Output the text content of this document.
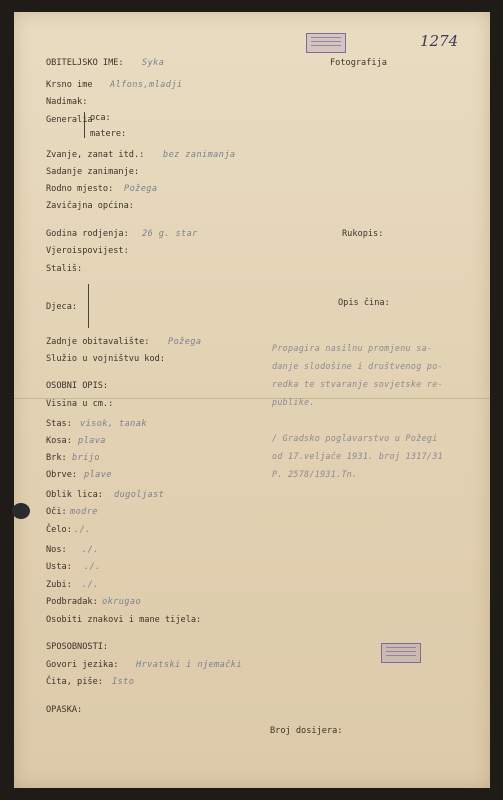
1274
Fotografija
OBITELJSKO IME: Syka
Krsno ime Alfons,mladji
Nadimak:
Generalia
oca:
matere:
Zvanje, zanat itd.: bez zanimanja
Sadanje zanimanje:
Rodno mjesto: Požega
Zavičajna općina:
Godina rodjenja: 26 g. star
Vjeroispovijest:
Stališ:
Djeca:
Zadnje obitavalište: Požega
Služio u vojništvu kod:
OSOBNI OPIS:
Visina u cm.:
Stas: visok, tanak
Kosa: plava
Brk: brijo
Obrve: plave
Oblik lica: dugoljast
Oči: modre
Čelo: ./.
Nos: ./.
Usta: ./.
Zubi: ./.
Podbradak: okrugao
Osobiti znakovi i mane tijela:
SPOSOBNOSTI:
Govori jezika: Hrvatski i njemački
Čita, piše: Isto
OPASKA:
Rukopis:
Opis čina:
Propagira nasilnu promjenu sa-
danje slodošine i društvenog po-
redka te stvaranje sovjetske re-
publike.
/ Gradsko poglavarstvo u Požegi
od 17.veljače 1931. broj 1317/31
P. 2578/1931.Tn.
Broj dosijera:
